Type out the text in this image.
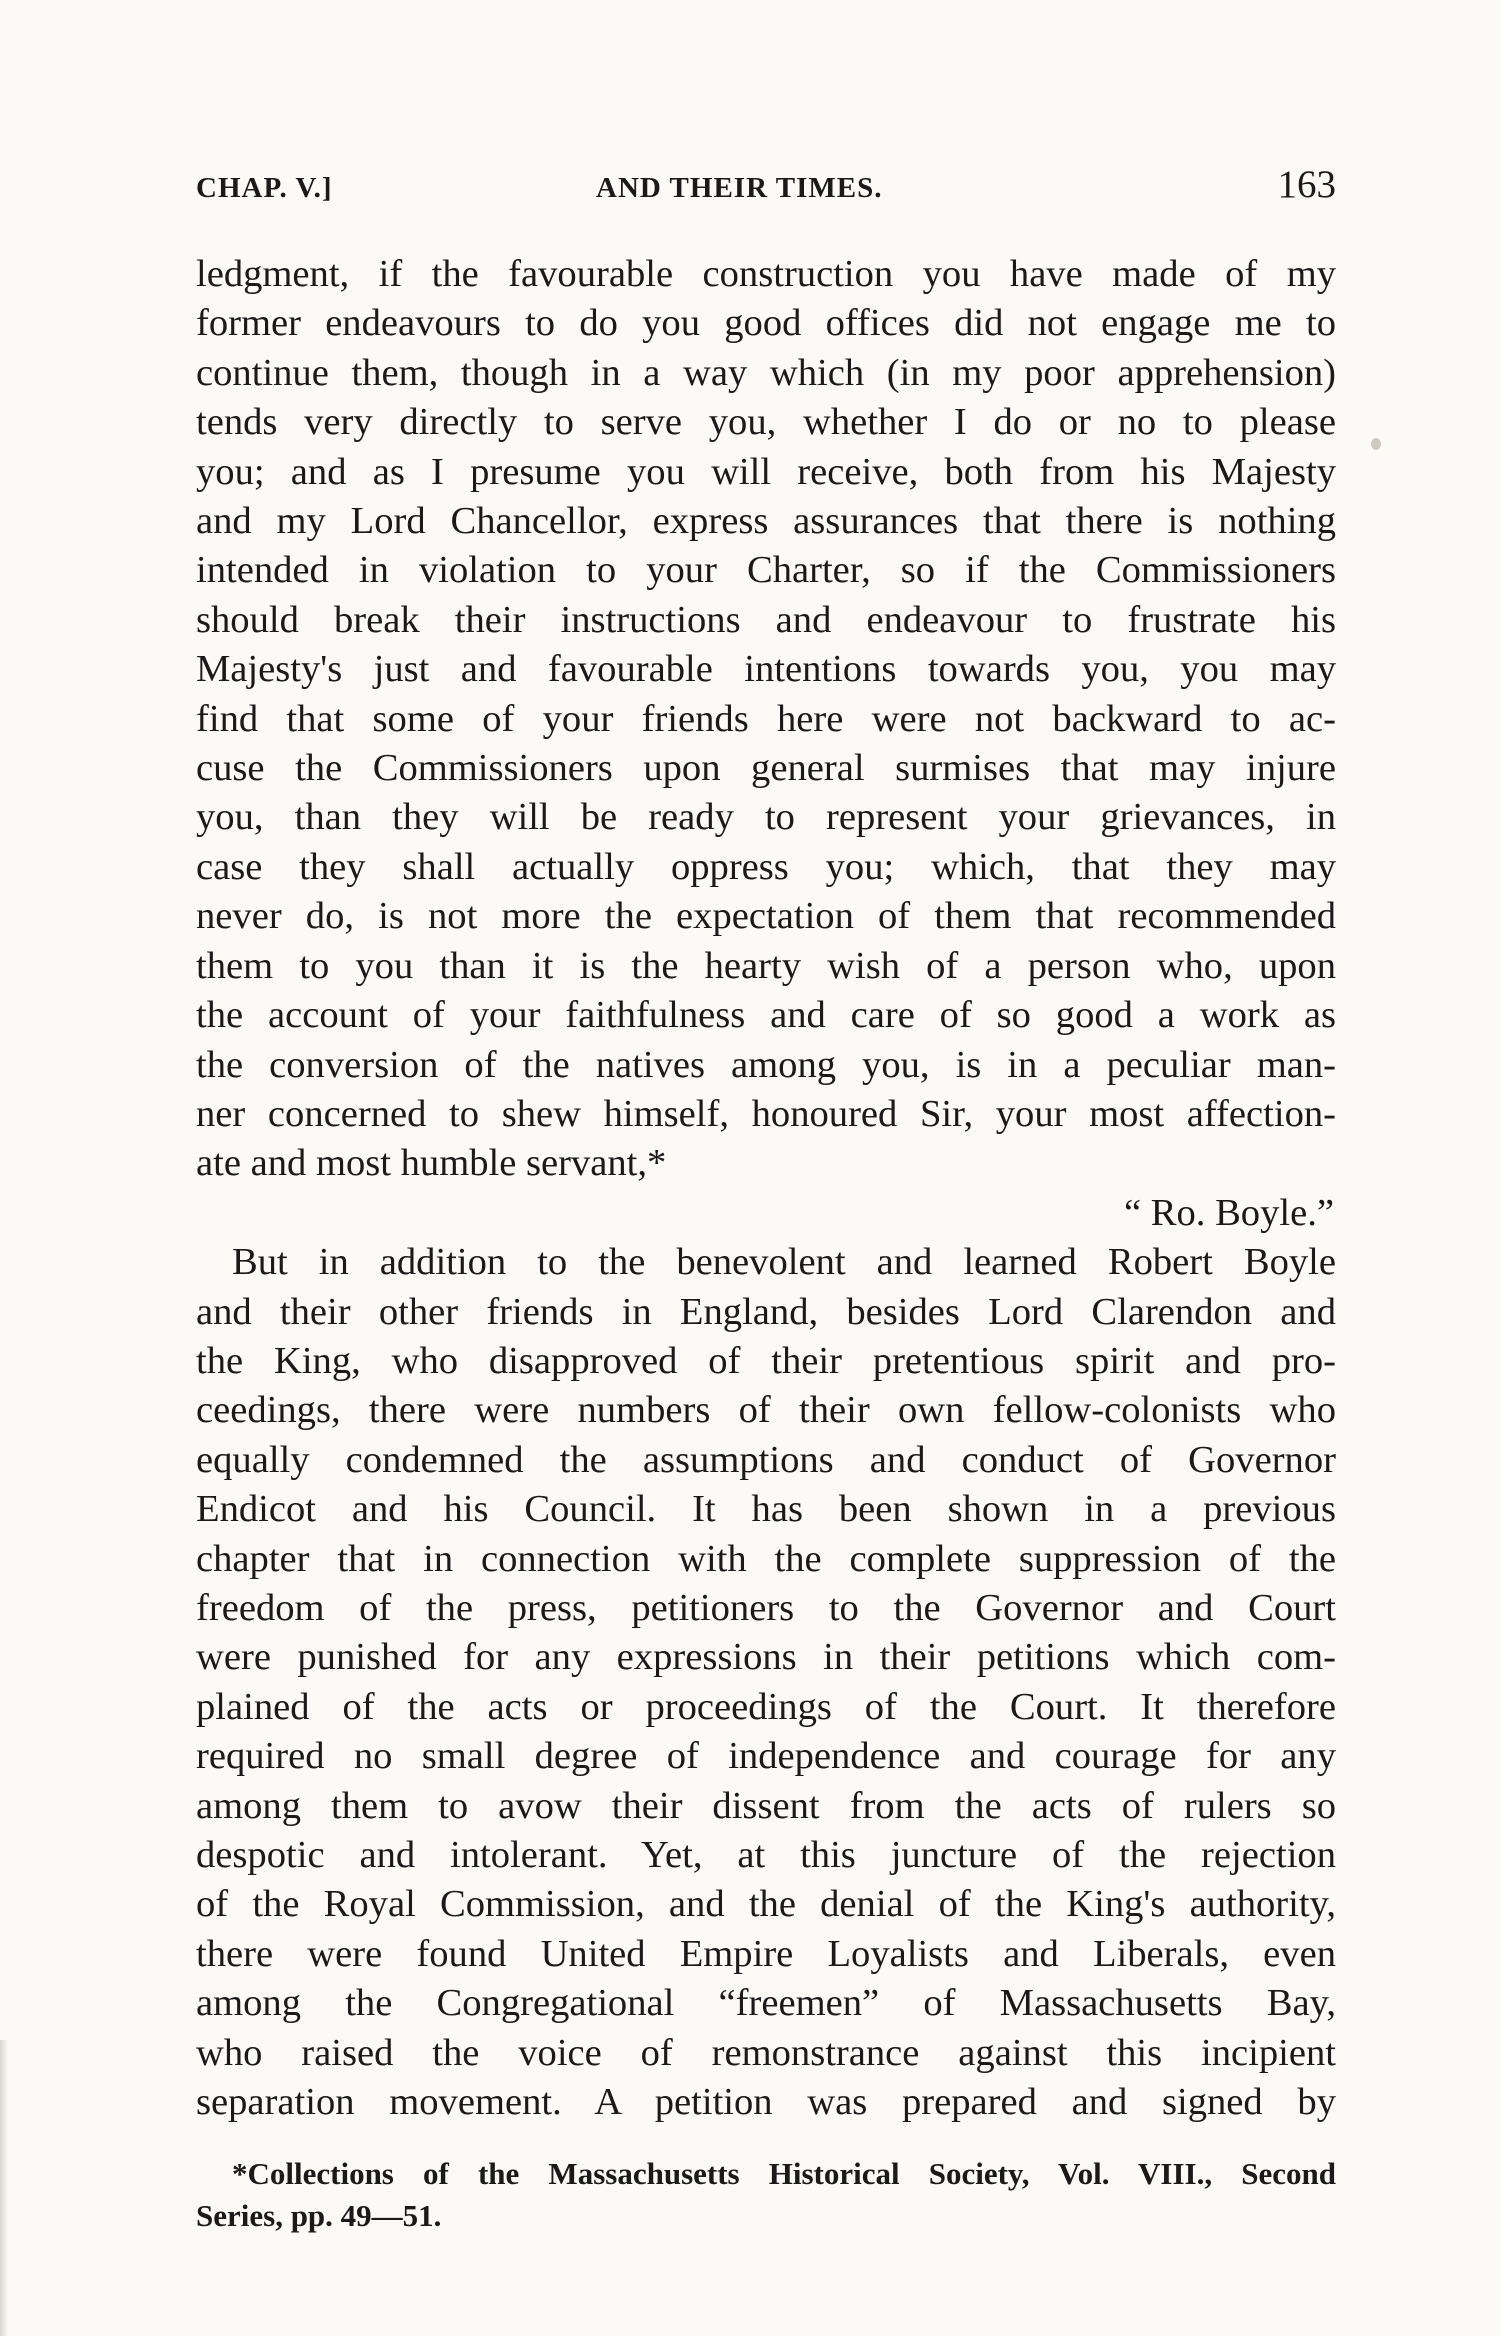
CHAP. V.]	AND THEIR TIMES.	163
ledgment, if the favourable construction you have made of my
former endeavours to do you good offices did not engage me to
continue them, though in a way which (in my poor apprehension)
tends very directly to serve you, whether I do or no to please
you; and as I presume you will receive, both from his Majesty
and my Lord Chancellor, express assurances that there is nothing
intended in violation to your Charter, so if the Commissioners
should break their instructions and endeavour to frustrate his
Majesty's just and favourable intentions towards you, you may
find that some of your friends here were not backward to ac-
cuse the Commissioners upon general surmises that may injure
you, than they will be ready to represent your grievances, in
case they shall actually oppress you; which, that they may
never do, is not more the expectation of them that recommended
them to you than it is the hearty wish of a person who, upon
the account of your faithfulness and care of so good a work as
the conversion of the natives among you, is in a peculiar man-
ner concerned to shew himself, honoured Sir, your most affection-
ate and most humble servant,*
“ Ro. Boyle.”
But in addition to the benevolent and learned Robert Boyle
and their other friends in England, besides Lord Clarendon and
the King, who disapproved of their pretentious spirit and pro-
ceedings, there were numbers of their own fellow-colonists who
equally condemned the assumptions and conduct of Governor
Endicot and his Council. It has been shown in a previous
chapter that in connection with the complete suppression of the
freedom of the press, petitioners to the Governor and Court
were punished for any expressions in their petitions which com-
plained of the acts or proceedings of the Court. It therefore
required no small degree of independence and courage for any
among them to avow their dissent from the acts of rulers so
despotic and intolerant. Yet, at this juncture of the rejection
of the Royal Commission, and the denial of the King's authority,
there were found United Empire Loyalists and Liberals, even
among the Congregational “freemen” of Massachusetts Bay,
who raised the voice of remonstrance against this incipient
separation movement. A petition was prepared and signed by
*Collections of the Massachusetts Historical Society, Vol. VIII., Second
Series, pp. 49—51.
